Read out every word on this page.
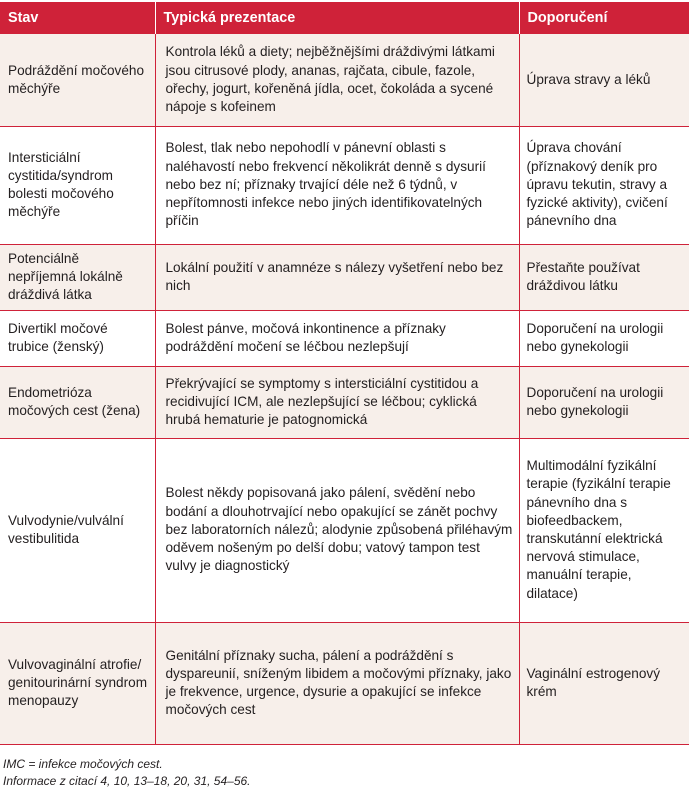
Stav	Typická prezentace	Doporučení
Podráždění močového měchýře	Kontrola léků a diety; nejběžnějšími dráždivými látkami jsou citrusové plody, ananas, rajčata, cibule, fazole, ořechy, jogurt, kořeněná jídla, ocet, čokoláda a sycené nápoje s kofeinem	Úprava stravy a léků
Intersticiální cystitida/syndrom bolesti močového měchýře	Bolest, tlak nebo nepohodlí v pánevní oblasti s naléhavostí nebo frekvencí několikrát denně s dysurií nebo bez ní; příznaky trvající déle než 6 týdnů, v nepřítomnosti infekce nebo jiných identifikovatelných příčin	Úprava chování (příznakový deník pro úpravu tekutin, stravy a fyzické aktivity), cvičení pánevního dna
Potenciálně nepříjemná lokálně dráždivá látka	Lokální použití v anamnéze s nálezy vyšetření nebo bez nich	Přestaňte používat dráždivou látku
Divertikl močové trubice (ženský)	Bolest pánve, močová inkontinence a příznaky podráždění močení se léčbou nezlepšují	Doporučení na urologii nebo gynekologii
Endometrióza močových cest (žena)	Překrývající se symptomy s intersticiální cystitidou a recidivující ICM, ale nezlepšující se léčbou; cyklická hrubá hematurie je patognomická	Doporučení na urologii nebo gynekologii
Vulvodynie/vulvální vestibulitida	Bolest někdy popisovaná jako pálení, svědění nebo bodání a dlouhotrvající nebo opakující se zánět pochvy bez laboratorních nálezů; alodynie způsobená přiléhavým oděvem nošeným po delší dobu; vatový tampon test vulvy je diagnostický	Multimodální fyzikální terapie (fyzikální terapie pánevního dna s biofeedbackem, transkutánní elektrická nervová stimulace, manuální terapie, dilatace)
Vulvovaginální atrofie/ genitourinární syndrom menopauzy	Genitální příznaky sucha, pálení a podráždění s dyspareunií, sníženým libidem a močovými příznaky, jako je frekvence, urgence, dysurie a opakující se infekce močových cest	Vaginální estrogenový krém
IMC = infekce močových cest.
Informace z citací 4, 10, 13–18, 20, 31, 54–56.
